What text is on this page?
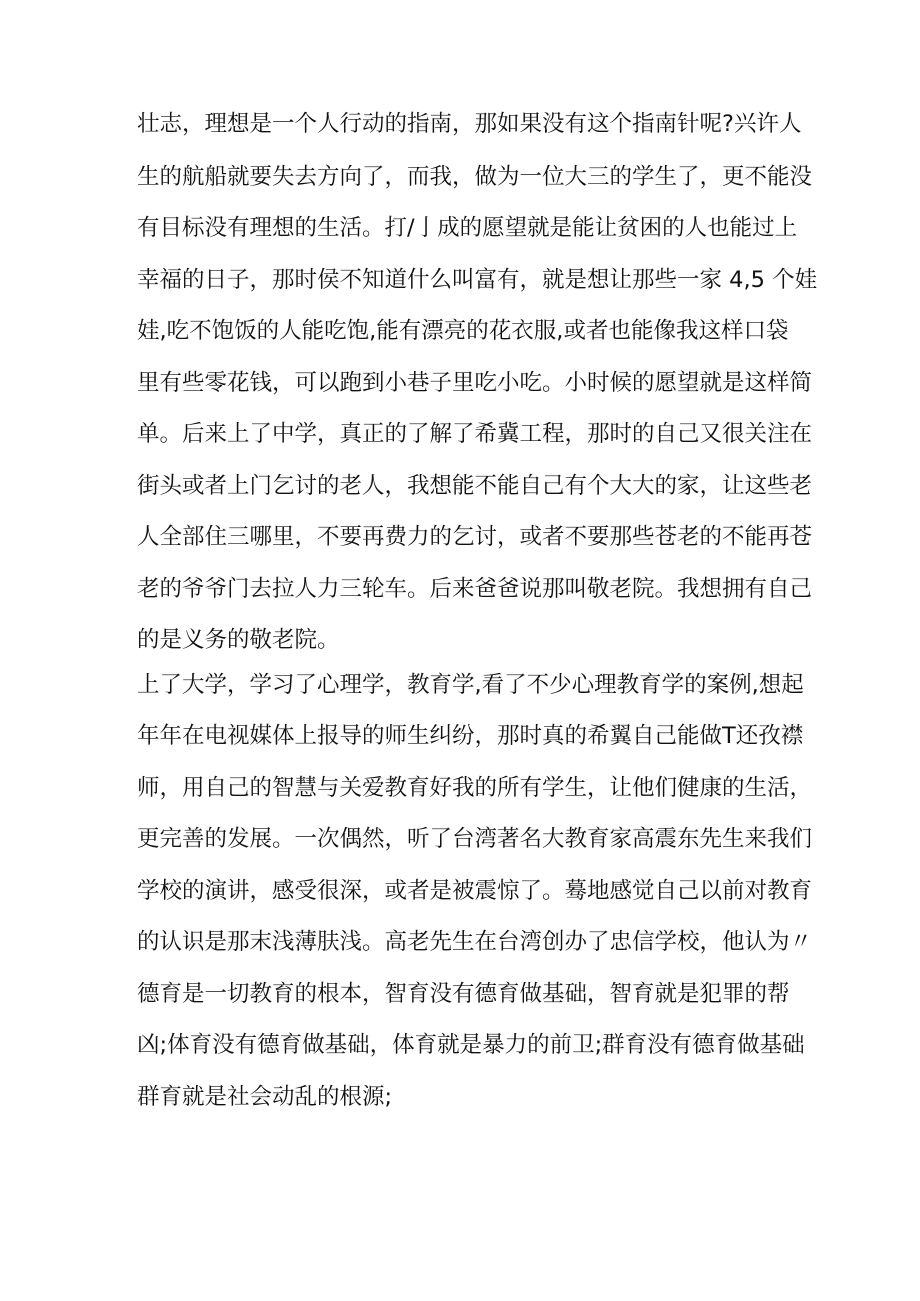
壮志，理想是一个人行动的指南，那如果没有这个指南针呢?兴许人

生的航船就要失去方向了，而我，做为一位大三的学生了，更不能没

有目标没有理想的生活。打/亅成的愿望就是能让贫困的人也能过上

幸福的日子，那时侯不知道什么叫富有，就是想让那些一家 4,5 个娃

娃,吃不饱饭的人能吃饱,能有漂亮的花衣服,或者也能像我这样口袋

里有些零花钱，可以跑到小巷子里吃小吃。小时候的愿望就是这样简

单。后来上了中学，真正的了解了希冀工程，那时的自己又很关注在

街头或者上门乞讨的老人，我想能不能自己有个大大的家，让这些老

人全部住三哪里，不要再费力的乞讨，或者不要那些苍老的不能再苍

老的爷爷门去拉人力三轮车。后来爸爸说那叫敬老院。我想拥有自己

的是义务的敬老院。

上了大学，学习了心理学，教育学,看了不少心理教育学的案例,想起

年年在电视媒体上报导的师生纠纷，那时真的希翼自己能做T还孜襟

师，用自己的智慧与关爱教育好我的所有学生，让他们健康的生活，

更完善的发展。一次偶然，听了台湾著名大教育家高震东先生来我们

学校的演讲，感受很深，或者是被震惊了。蓦地感觉自己以前对教育

的认识是那末浅薄肤浅。高老先生在台湾创办了忠信学校，他认为〃

德育是一切教育的根本，智育没有德育做基础，智育就是犯罪的帮

凶;体育没有德育做基础，体育就是暴力的前卫;群育没有德育做基础

群育就是社会动乱的根源;
